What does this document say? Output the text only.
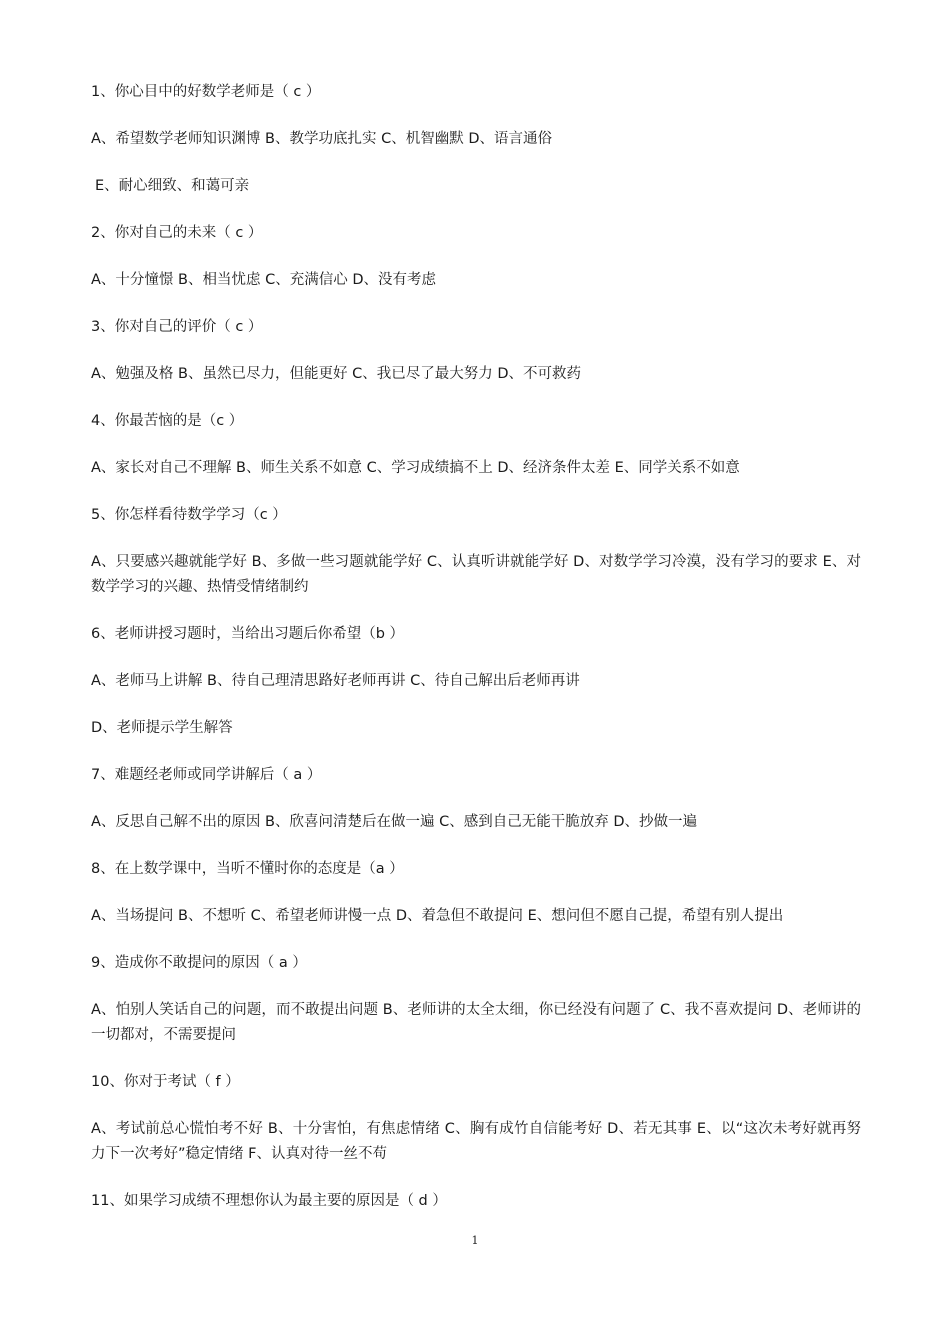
1、你心目中的好数学老师是（ c ）

A、希望数学老师知识渊博 B、教学功底扎实 C、机智幽默 D、语言通俗

E、耐心细致、和蔼可亲

2、你对自己的未来（ c ）

A、十分憧憬 B、相当忧虑 C、充满信心 D、没有考虑

3、你对自己的评价（ c ）

A、勉强及格 B、虽然已尽力，但能更好 C、我已尽了最大努力 D、不可救药

4、你最苦恼的是（c ）

A、家长对自己不理解 B、师生关系不如意 C、学习成绩搞不上 D、经济条件太差 E、同学关系不如意

5、你怎样看待数学学习（c ）

A、只要感兴趣就能学好 B、多做一些习题就能学好 C、认真听讲就能学好 D、对数学学习冷漠，没有学习的要求 E、对数学学习的兴趣、热情受情绪制约

6、老师讲授习题时，当给出习题后你希望（b ）

A、老师马上讲解 B、待自己理清思路好老师再讲 C、待自己解出后老师再讲

D、老师提示学生解答

7、难题经老师或同学讲解后（ a ）

A、反思自己解不出的原因 B、欣喜问清楚后在做一遍 C、感到自己无能干脆放弃 D、抄做一遍

8、在上数学课中，当听不懂时你的态度是（a ）

A、当场提问 B、不想听 C、希望老师讲慢一点 D、着急但不敢提问 E、想问但不愿自己提，希望有别人提出

9、造成你不敢提问的原因（ a ）

A、怕别人笑话自己的问题，而不敢提出问题 B、老师讲的太全太细，你已经没有问题了 C、我不喜欢提问 D、老师讲的一切都对，不需要提问

10、你对于考试（ f ）

A、考试前总心慌怕考不好 B、十分害怕，有焦虑情绪 C、胸有成竹自信能考好 D、若无其事 E、以“这次未考好就再努力下一次考好”稳定情绪 F、认真对待一丝不苟

11、如果学习成绩不理想你认为最主要的原因是（ d ）

1
